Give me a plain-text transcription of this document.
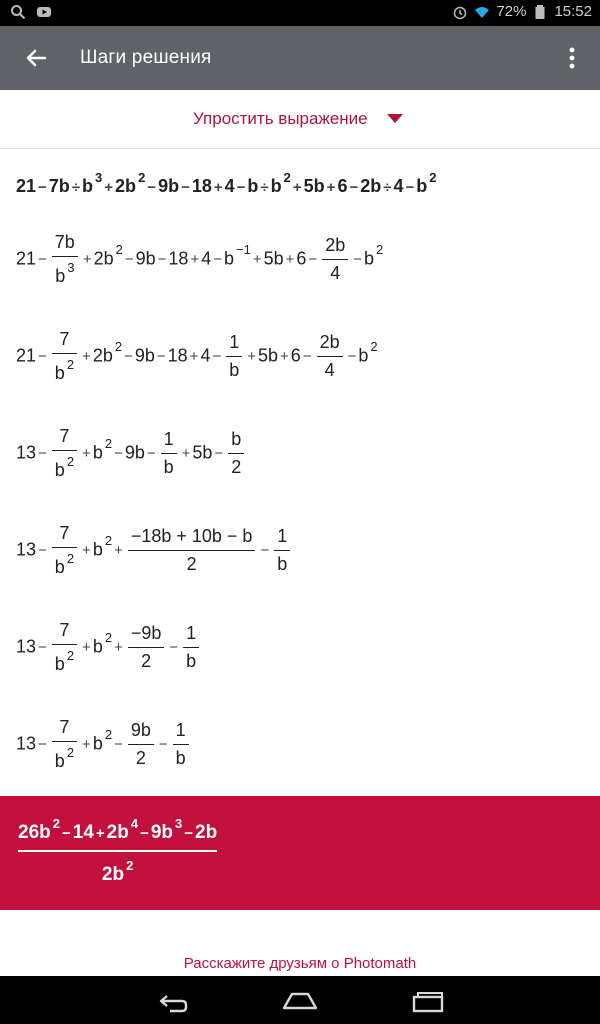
72% 15:52
Шаги решения
Упростить выражение
21 − 7b ÷ b $^3$+ 2b $^2$− 9b − 18 + 4 − b ÷ b $^2$+ 5b + 6 − 2b ÷ 4 − b $^2$
$21 - \frac{7b}{b ^3} + 2b$ $^2$− 9b − 18 + 4 − b $^{-1}+ 5b + 6 - \frac{2b}{4} - b$ $^2$
$21 - \frac{7}{b ^2} + 2b$ $^2- 9b - 18 + 4 - \frac{1}{b} + 5b + 6 - \frac{2b}{4} - b$ $^2$
$13 - \frac{7}{b ^2} + b$ $^2- 9b - \frac{1}{b} + 5b - \frac{b}{2}$
$13 - \frac{7}{b ^2} + b$ $^2+ \frac{-18b + 10b - b}{2} - \frac{1}{b}$
$13 - \frac{7}{b ^2} + b$ $^2+ \frac{-9b}{2} - \frac{1}{b}$
$13 - \frac{7}{b ^2} + b$ $^2- \frac{9b}{2} - \frac{1}{b}$
$\frac{26b ^2- 14 + 2b ^4- 9b ^3- 2b}{2b ^2}$
Расскажите друзьям о Photomath
